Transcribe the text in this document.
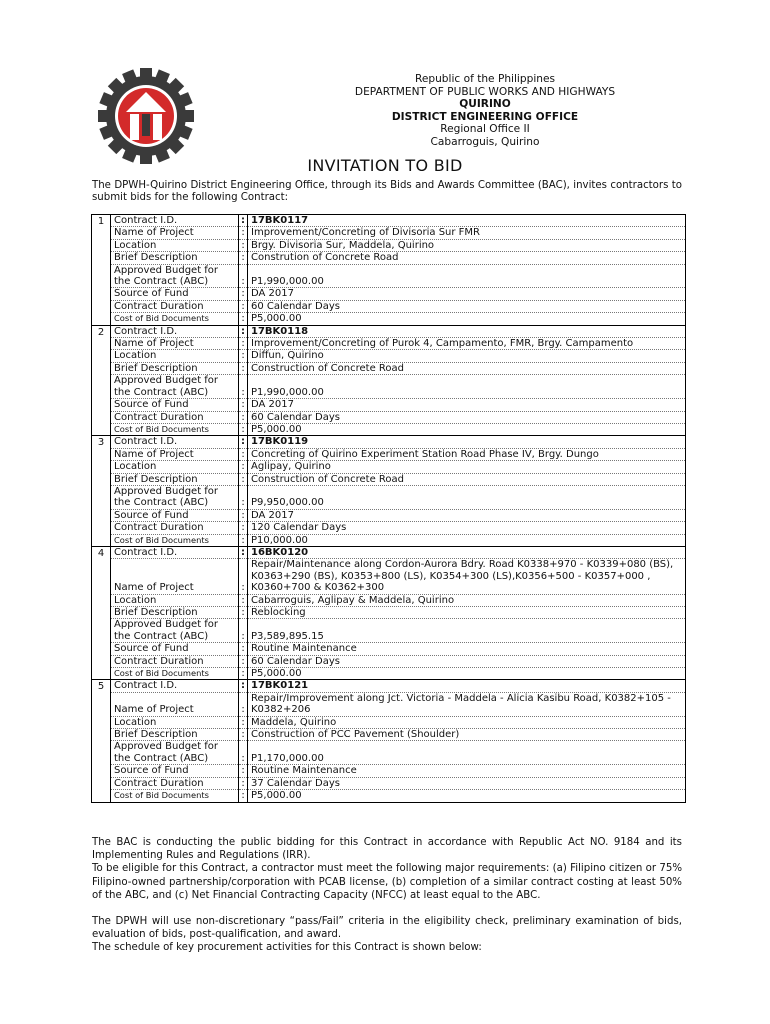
Republic of the Philippines
DEPARTMENT OF PUBLIC WORKS AND HIGHWAYS
QUIRINO
DISTRICT ENGINEERING OFFICE
Regional Office II
Cabarroguis, Quirino
INVITATION TO BID
The DPWH-Quirino District Engineering Office, through its Bids and Awards Committee (BAC), invites contractors to submit bids for the following Contract:
1	Contract I.D.	:	17BK0117
	Name of Project	:	Improvement/Concreting of Divisoria Sur FMR
	Location	:	Brgy. Divisoria Sur, Maddela, Quirino
	Brief Description	:	Constrution of Concrete Road

	Approved Budget for
the Contract (ABC)	:	P1,990,000.00
	Source of Fund	:	DA 2017
	Contract Duration	:	60 Calendar Days
	Cost of Bid Documents	:	P5,000.00
2	Contract I.D.	:	17BK0118
	Name of Project	:	Improvement/Concreting of Purok 4, Campamento, FMR, Brgy. Campamento
	Location	:	Diffun, Quirino
	Brief Description	:	Construction of Concrete Road

	Approved Budget for
the Contract (ABC)	:	P1,990,000.00
	Source of Fund	:	DA 2017
	Contract Duration	:	60 Calendar Days
	Cost of Bid Documents	:	P5,000.00
3	Contract I.D.	:	17BK0119
	Name of Project	:	Concreting of Quirino Experiment Station Road Phase IV, Brgy. Dungo
	Location	:	Aglipay, Quirino
	Brief Description	:	Construction of Concrete Road

	Approved Budget for
the Contract (ABC)	:	P9,950,000.00
	Source of Fund	:	DA 2017
	Contract Duration	:	120 Calendar Days
	Cost of Bid Documents	:	P10,000.00
4	Contract I.D.	:	16BK0120
	Name of Project	:	Repair/Maintenance along Cordon-Aurora Bdry. Road K0338+970 - K0339+080 (BS), K0363+290 (BS), K0353+800 (LS), K0354+300 (LS),K0356+500 - K0357+000 , K0360+700 & K0362+300
	Location	:	Cabarroguis, Aglipay & Maddela, Quirino
	Brief Description	:	Reblocking

	Approved Budget for
the Contract (ABC)	:	P3,589,895.15
	Source of Fund	:	Routine Maintenance
	Contract Duration	:	60 Calendar Days
	Cost of Bid Documents	:	P5,000.00
5	Contract I.D.	:	17BK0121
	Name of Project	:	Repair/Improvement along Jct. Victoria - Maddela - Alicia Kasibu Road, K0382+105 - K0382+206
	Location	:	Maddela, Quirino
	Brief Description	:	Construction of PCC Pavement (Shoulder)

	Approved Budget for
the Contract (ABC)	:	P1,170,000.00
	Source of Fund	:	Routine Maintenance
	Contract Duration	:	37 Calendar Days
	Cost of Bid Documents	:	P5,000.00

The BAC is conducting the public bidding for this Contract in accordance with Republic Act NO. 9184 and its Implementing Rules and Regulations (IRR).

To be eligible for this Contract, a contractor must meet the following major requirements: (a) Filipino citizen or 75% Filipino-owned partnership/corporation with PCAB license, (b) completion of a similar contract costing at least 50% of the ABC, and (c) Net Financial Contracting Capacity (NFCC) at least equal to the ABC.

The DPWH will use non-discretionary “pass/Fail” criteria in the eligibility check, preliminary examination of bids, evaluation of bids, post-qualification, and award.

The schedule of key procurement activities for this Contract is shown below:
